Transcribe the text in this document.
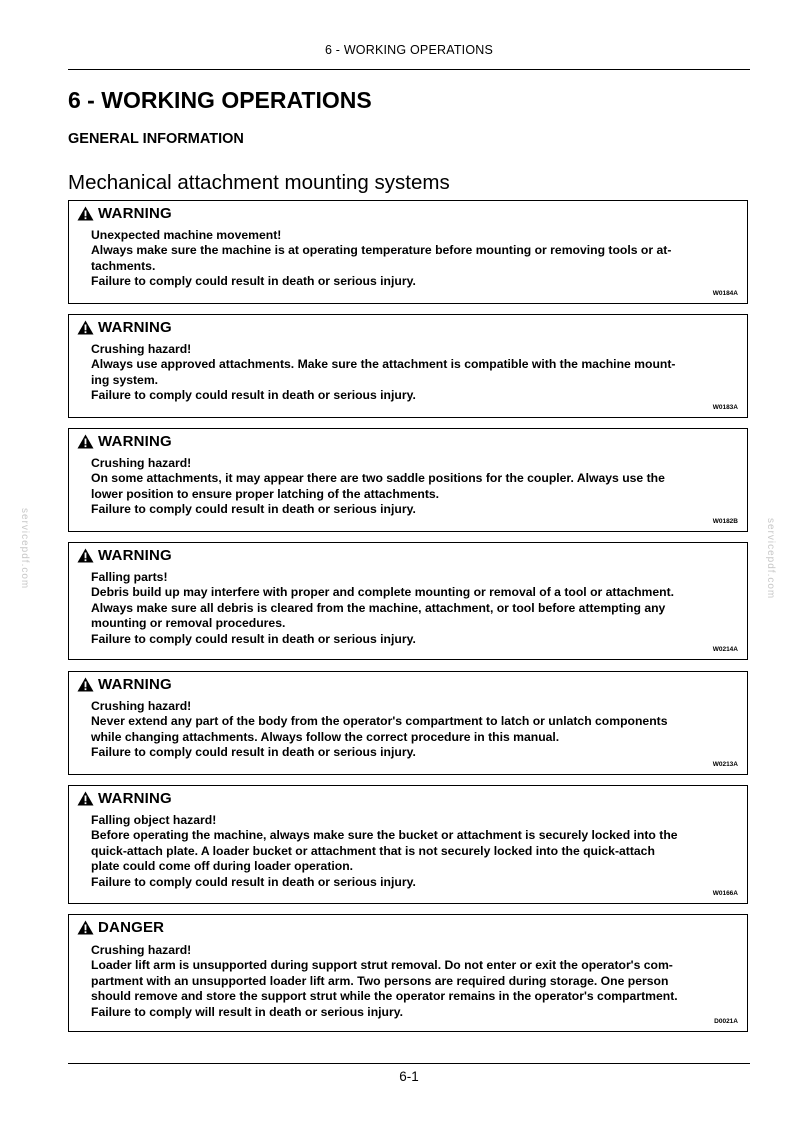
6 - WORKING OPERATIONS
6 - WORKING OPERATIONS
GENERAL INFORMATION
Mechanical attachment mounting systems
WARNING
Unexpected machine movement!
Always make sure the machine is at operating temperature before mounting or removing tools or at-
tachments.
Failure to comply could result in death or serious injury.
W0184A
WARNING
Crushing hazard!
Always use approved attachments. Make sure the attachment is compatible with the machine mount-
ing system.
Failure to comply could result in death or serious injury.
W0183A
WARNING
Crushing hazard!
On some attachments, it may appear there are two saddle positions for the coupler. Always use the
lower position to ensure proper latching of the attachments.
Failure to comply could result in death or serious injury.
W0182B
WARNING
Falling parts!
Debris build up may interfere with proper and complete mounting or removal of a tool or attachment.
Always make sure all debris is cleared from the machine, attachment, or tool before attempting any
mounting or removal procedures.
Failure to comply could result in death or serious injury.
W0214A
WARNING
Crushing hazard!
Never extend any part of the body from the operator's compartment to latch or unlatch components
while changing attachments. Always follow the correct procedure in this manual.
Failure to comply could result in death or serious injury.
W0213A
WARNING
Falling object hazard!
Before operating the machine, always make sure the bucket or attachment is securely locked into the
quick-attach plate. A loader bucket or attachment that is not securely locked into the quick-attach
plate could come off during loader operation.
Failure to comply could result in death or serious injury.
W0166A
DANGER
Crushing hazard!
Loader lift arm is unsupported during support strut removal. Do not enter or exit the operator's com-
partment with an unsupported loader lift arm. Two persons are required during storage. One person
should remove and store the support strut while the operator remains in the operator's compartment.
Failure to comply will result in death or serious injury.
D0021A
servicepdf.com	servicepdf.com
6-1
